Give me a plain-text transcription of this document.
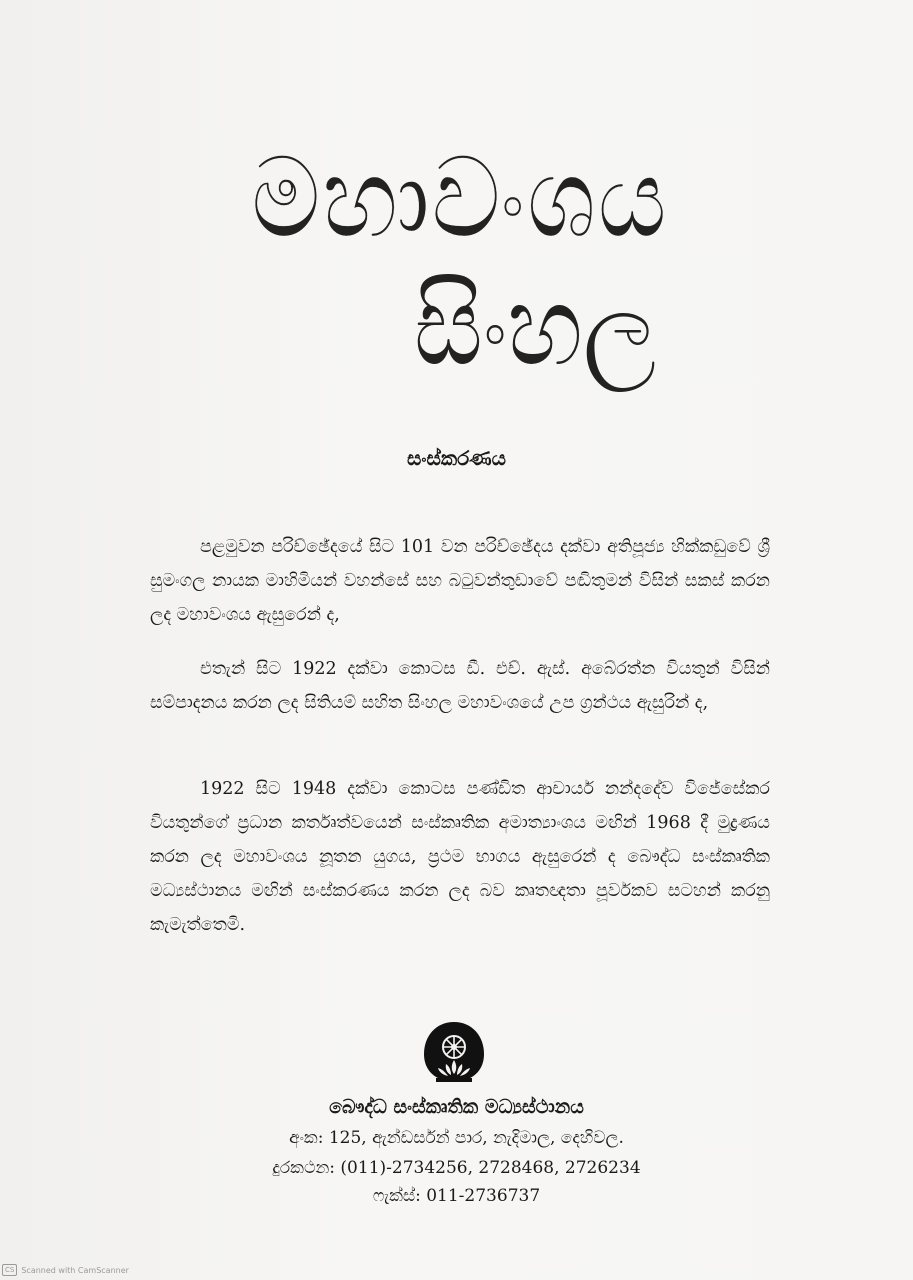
මහාවංශය
සිංහල
සංස්කරණය

පළමුවන පරිච්ඡේදයේ සිට 101 වන පරිච්ඡේදය දක්වා අතිපූජ්‍ය හික්කඩුවේ ශ්‍රී සුමංගල නායක මාහිමියන් වහන්සේ සහ බටුවන්තුඩාවේ පඬිතුමන් විසින් සකස් කරන ලද මහාවංශය ඇසුරෙන් ද,

එතැන් සිට 1922 දක්වා කොටස ඩී. එච්. ඇස්. අබේරත්න වියතුන් විසින් සම්පාදනය කරන ලද සිතියම් සහිත සිංහල මහාවංශයේ උප ග්‍රන්ථය ඇසුරින් ද,

1922 සිට 1948 දක්වා කොටස පණ්ඩිත ආචාර්ය නන්දදේව විජේසේකර වියතුන්ගේ ප්‍රධාන කර්තෘත්වයෙන් සංස්කෘතික අමාත්‍යාංශය මඟින් 1968 දී මුද්‍රණය කරන ලද මහාවංශය නූතන යුගය, ප්‍රථම භාගය ඇසුරෙන් ද බෞද්ධ සංස්කෘතික මධ්‍යස්ථානය මඟින් සංස්කරණය කරන ලද බව කෘතඥතා පූර්වකව සටහන් කරනු කැමැත්තෙමි.

බෞද්ධ සංස්කෘතික මධ්‍යස්ථානය
අංක: 125, ඇන්ඩර්සන් පාර, නැදිමාල, දෙහිවල.
දුරකථන: (011)-2734256, 2728468, 2726234
ෆැක්ස්: 011-2736737
CS Scanned with CamScanner
